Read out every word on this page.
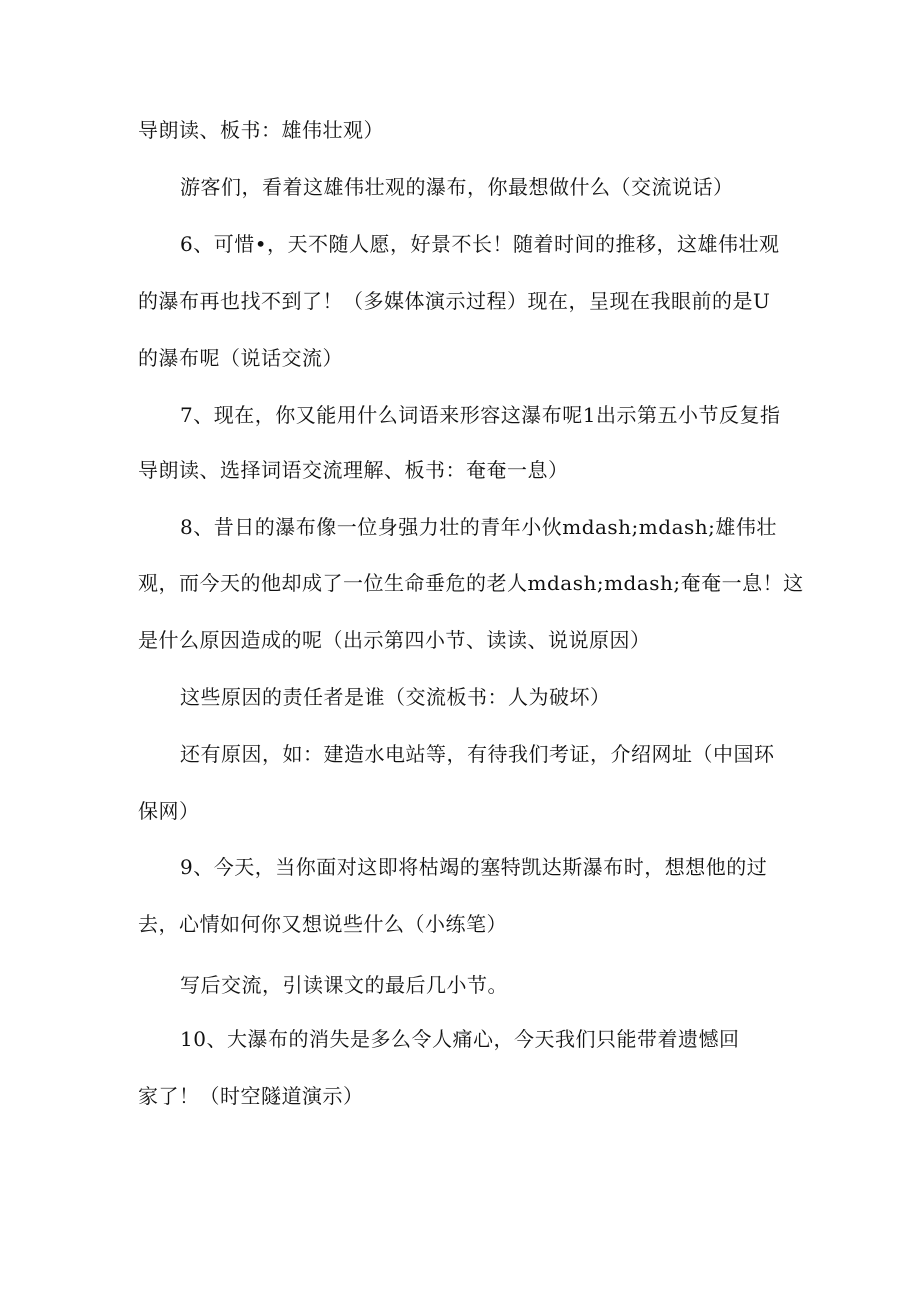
导朗读、板书：雄伟壮观）
游客们，看着这雄伟壮观的瀑布，你最想做什么（交流说话）
6、可惜•，天不随人愿，好景不长！随着时间的推移，这雄伟壮观
的瀑布再也找不到了！（多媒体演示过程）现在，呈现在我眼前的是U
的瀑布呢（说话交流）
7、现在，你又能用什么词语来形容这瀑布呢1出示第五小节反复指
导朗读、选择词语交流理解、板书：奄奄一息）
8、昔日的瀑布像一位身强力壮的青年小伙mdash;mdash;雄伟壮
观，而今天的他却成了一位生命垂危的老人mdash;mdash;奄奄一息！这
是什么原因造成的呢（出示第四小节、读读、说说原因）
这些原因的责任者是谁（交流板书：人为破坏）
还有原因，如：建造水电站等，有待我们考证，介绍网址（中国环
保网）
9、今天，当你面对这即将枯竭的塞特凯达斯瀑布时，想想他的过
去，心情如何你又想说些什么（小练笔）
写后交流，引读课文的最后几小节。
10、大瀑布的消失是多么令人痛心，今天我们只能带着遗憾回
家了！（时空隧道演示）
